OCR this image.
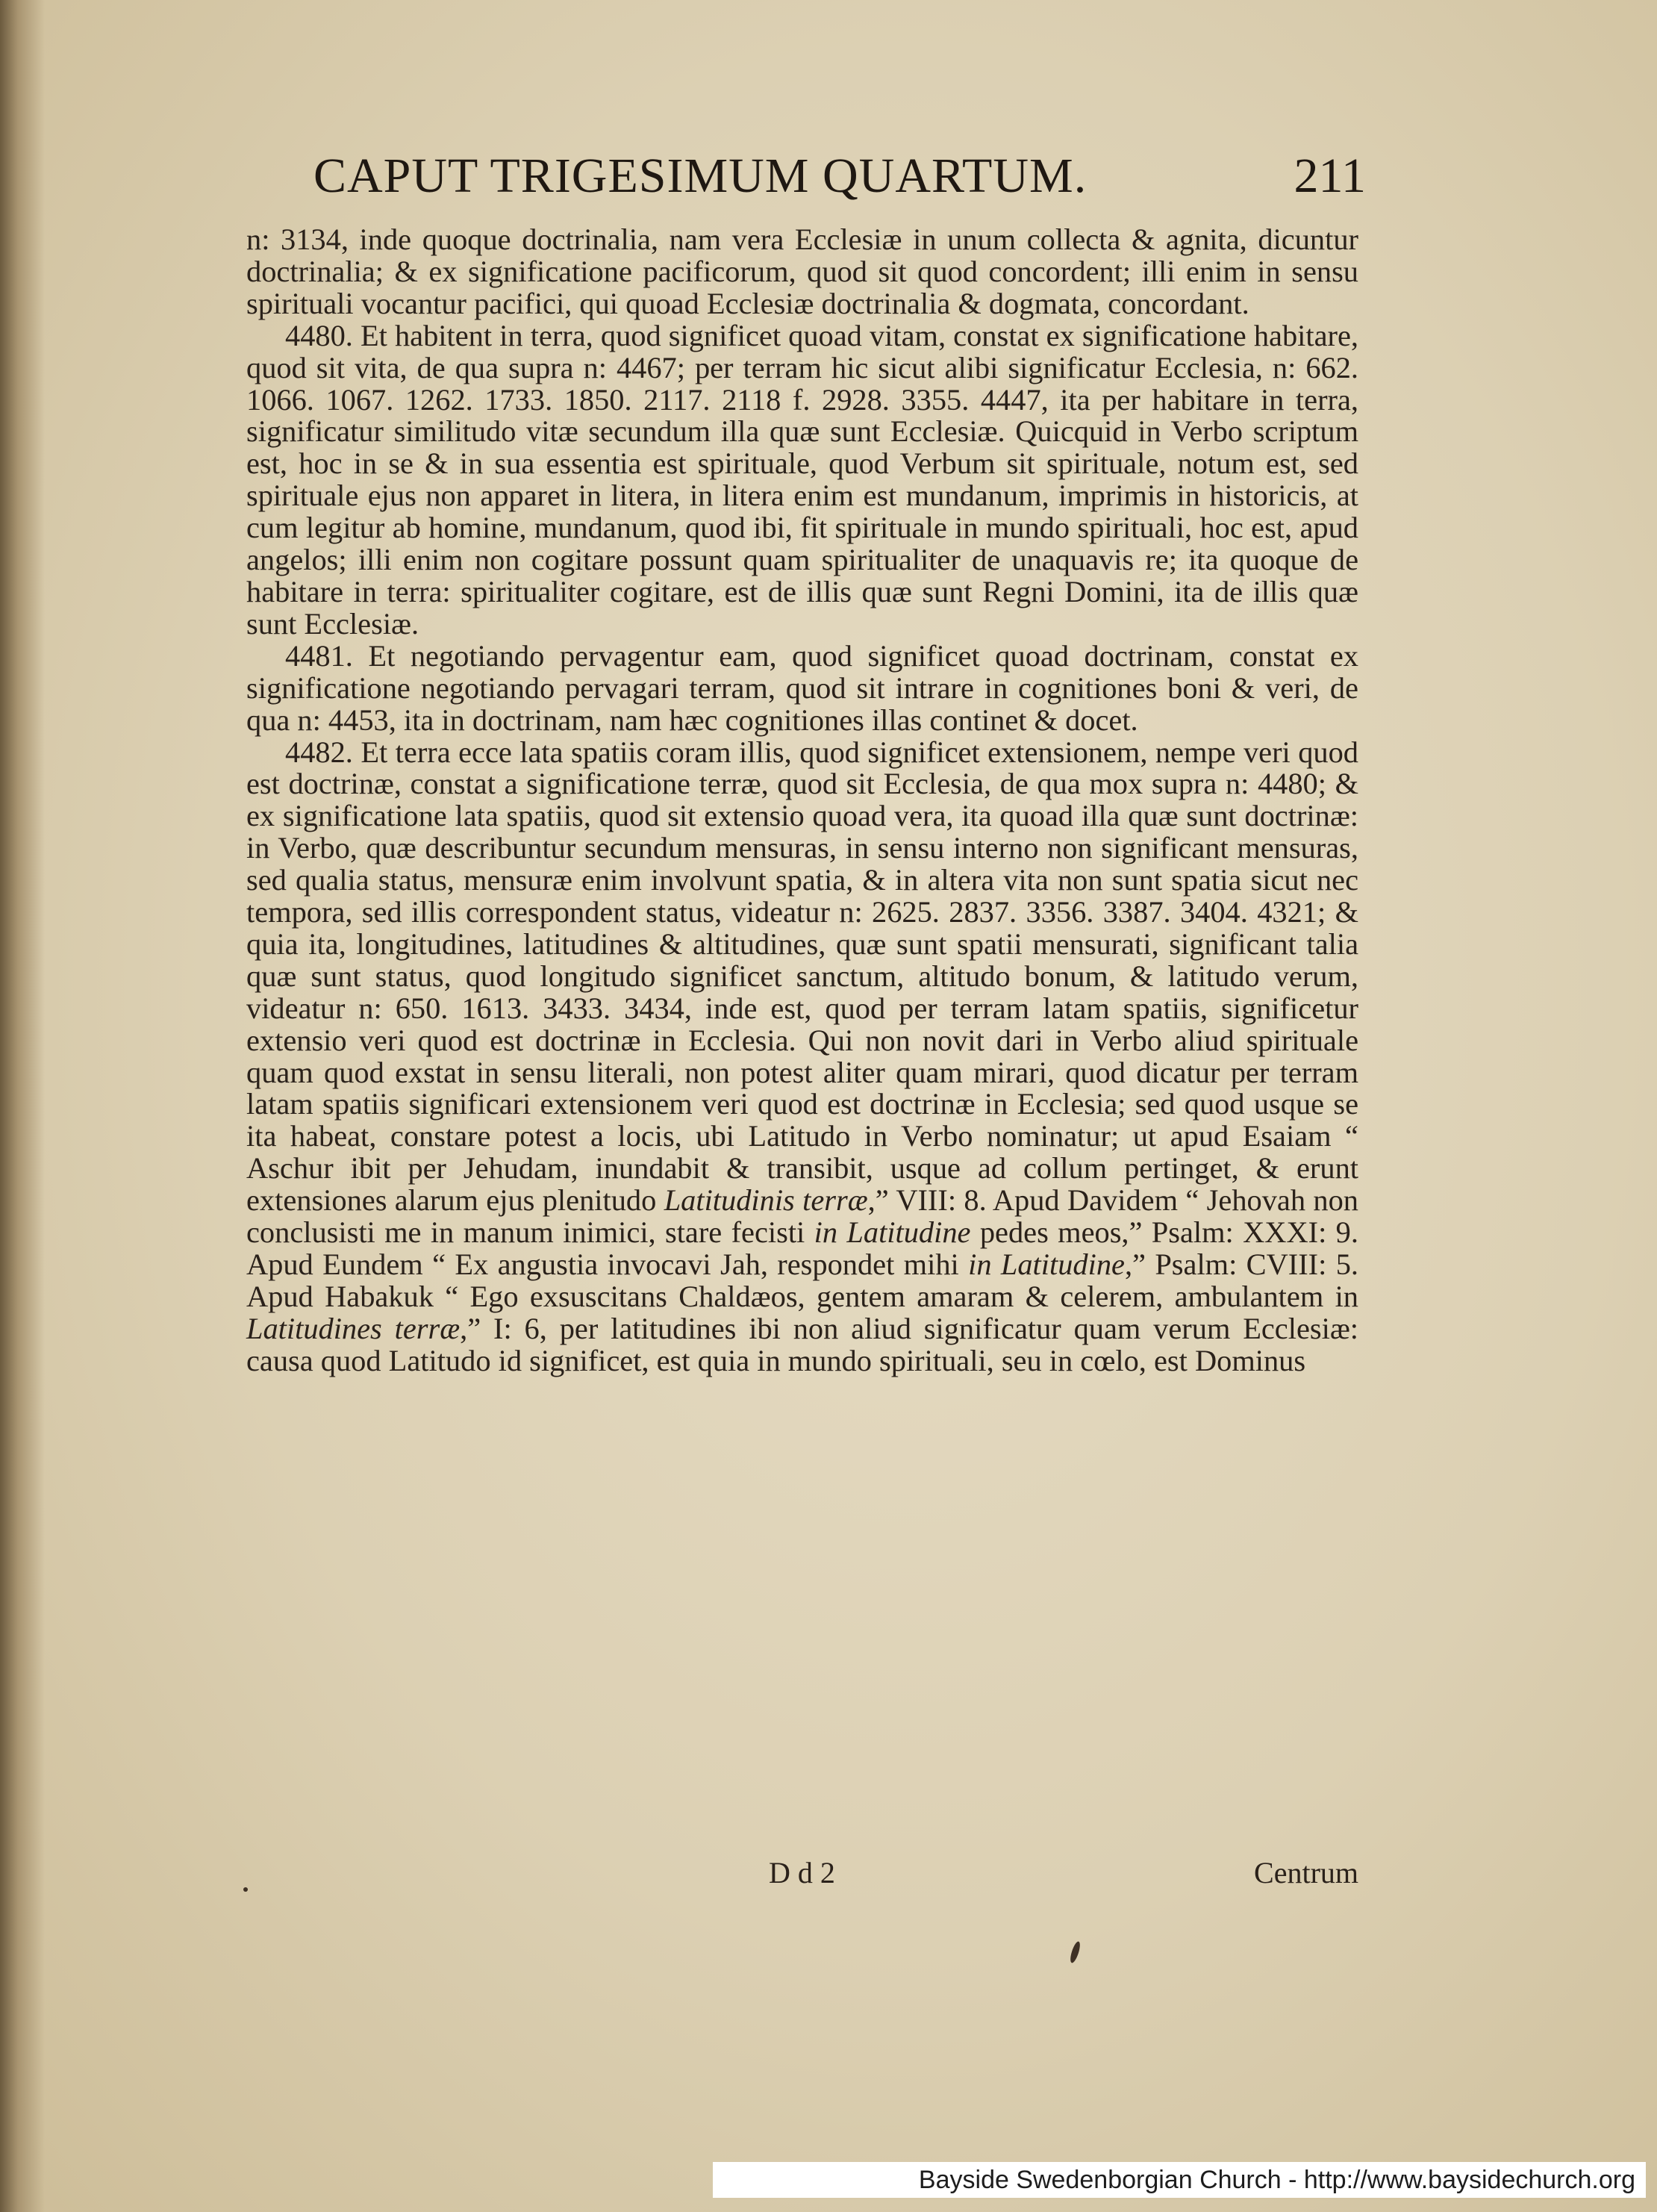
CAPUT TRIGESIMUM QUARTUM.	211

n: 3134, inde quoque doctrinalia, nam vera Ecclesiæ in unum collecta & agnita, dicuntur doctrinalia; & ex significatione pacificorum, quod sit quod concordent; illi enim in sensu spirituali vocantur pacifici, qui quoad Ecclesiæ doctrinalia & dogmata, concordant.

4480. Et habitent in terra, quod significet quoad vitam, constat ex significatione habitare, quod sit vita, de qua supra n: 4467; per terram hic sicut alibi significatur Ecclesia, n: 662. 1066. 1067. 1262. 1733. 1850. 2117. 2118 f. 2928. 3355. 4447, ita per habitare in terra, significatur similitudo vitæ secundum illa quæ sunt Ecclesiæ. Quicquid in Verbo scriptum est, hoc in se & in sua essentia est spirituale, quod Verbum sit spirituale, notum est, sed spirituale ejus non apparet in litera, in litera enim est mundanum, imprimis in historicis, at cum legitur ab homine, mundanum, quod ibi, fit spirituale in mundo spirituali, hoc est, apud angelos; illi enim non cogitare possunt quam spiritualiter de unaquavis re; ita quoque de habitare in terra: spiritualiter cogitare, est de illis quæ sunt Regni Domini, ita de illis quæ sunt Ecclesiæ.

4481. Et negotiando pervagentur eam, quod significet quoad doctrinam, constat ex significatione negotiando pervagari terram, quod sit intrare in cognitiones boni & veri, de qua n: 4453, ita in doctrinam, nam hæc cognitiones illas continet & docet.

4482. Et terra ecce lata spatiis coram illis, quod significet extensionem, nempe veri quod est doctrinæ, constat a significatione terræ, quod sit Ecclesia, de qua mox supra n: 4480; & ex significatione lata spatiis, quod sit extensio quoad vera, ita quoad illa quæ sunt doctrinæ: in Verbo, quæ describuntur secundum mensuras, in sensu interno non significant mensuras, sed qualia status, mensuræ enim involvunt spatia, & in altera vita non sunt spatia sicut nec tempora, sed illis correspondent status, videatur n: 2625. 2837. 3356. 3387. 3404. 4321; & quia ita, longitudines, latitudines & altitudines, quæ sunt spatii mensurati, significant talia quæ sunt status, quod longitudo significet sanctum, altitudo bonum, & latitudo verum, videatur n: 650. 1613. 3433. 3434, inde est, quod per terram latam spatiis, significetur extensio veri quod est doctrinæ in Ecclesia. Qui non novit dari in Verbo aliud spirituale quam quod exstat in sensu literali, non potest aliter quam mirari, quod dicatur per terram latam spatiis significari extensionem veri quod est doctrinæ in Ecclesia; sed quod usque se ita habeat, constare potest a locis, ubi Latitudo in Verbo nominatur; ut apud Esaiam “ Aschur ibit per Jehudam, inundabit & transibit, usque ad collum pertinget, & erunt extensiones alarum ejus plenitudo Latitudinis terræ,” VIII: 8. Apud Davidem “ Jehovah non conclusisti me in manum inimici, stare fecisti in Latitudine pedes meos,” Psalm: XXXI: 9. Apud Eundem “ Ex angustia invocavi Jah, respondet mihi in Latitudine,” Psalm: CVIII: 5. Apud Habakuk “ Ego exsuscitans Chaldæos, gentem amaram & celerem, ambulantem in Latitudines terræ,” I: 6, per latitudines ibi non aliud significatur quam verum Ecclesiæ: causa quod Latitudo id significet, est quia in mundo spirituali, seu in cœlo, est Dominus

D d 2	Centrum
Bayside Swedenborgian Church - http://www.baysidechurch.org
